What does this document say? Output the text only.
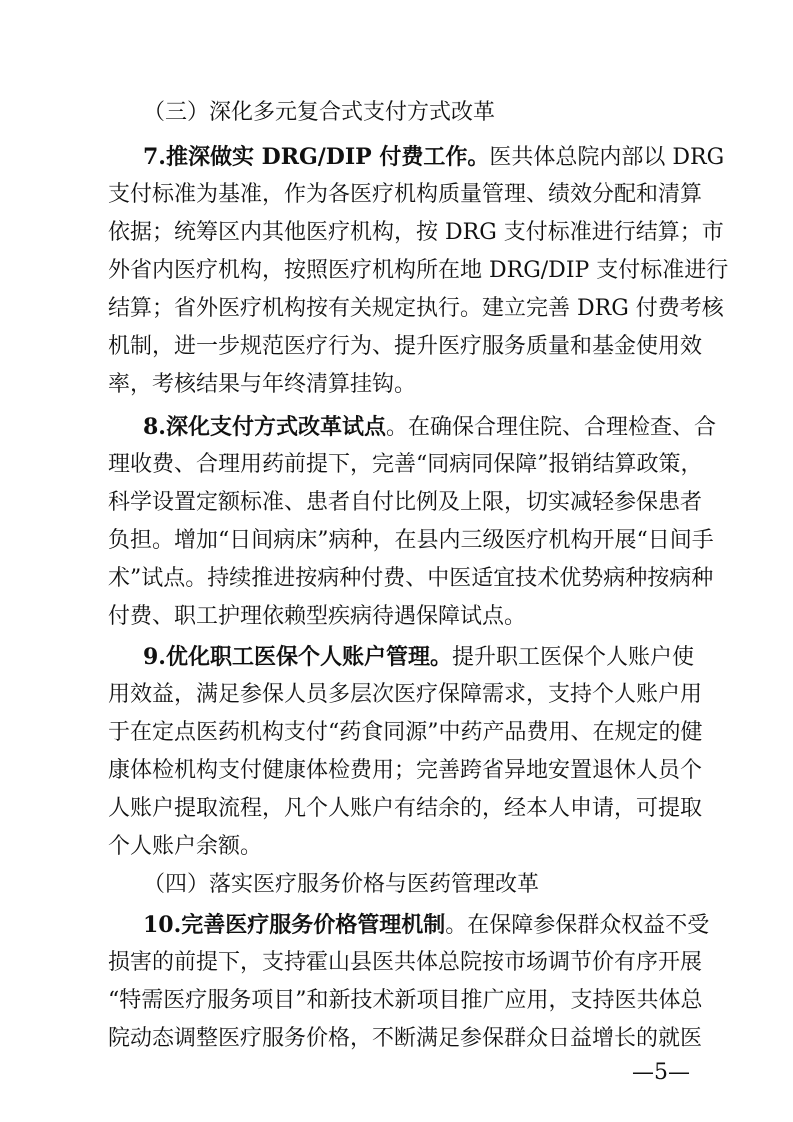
（三）深化多元复合式支付方式改革
7.推深做实 DRG/DIP 付费工作。医共体总院内部以 DRG
支付标准为基准，作为各医疗机构质量管理、绩效分配和清算
依据；统筹区内其他医疗机构，按 DRG 支付标准进行结算；市
外省内医疗机构，按照医疗机构所在地 DRG/DIP 支付标准进行
结算；省外医疗机构按有关规定执行。建立完善 DRG 付费考核
机制，进一步规范医疗行为、提升医疗服务质量和基金使用效
率，考核结果与年终清算挂钩。
8.深化支付方式改革试点。在确保合理住院、合理检查、合
理收费、合理用药前提下，完善“同病同保障”报销结算政策，
科学设置定额标准、患者自付比例及上限，切实减轻参保患者
负担。增加“日间病床”病种，在县内三级医疗机构开展“日间手
术”试点。持续推进按病种付费、中医适宜技术优势病种按病种
付费、职工护理依赖型疾病待遇保障试点。
9.优化职工医保个人账户管理。提升职工医保个人账户使
用效益，满足参保人员多层次医疗保障需求，支持个人账户用
于在定点医药机构支付“药食同源”中药产品费用、在规定的健
康体检机构支付健康体检费用；完善跨省异地安置退休人员个
人账户提取流程，凡个人账户有结余的，经本人申请，可提取
个人账户余额。
（四）落实医疗服务价格与医药管理改革
10.完善医疗服务价格管理机制。在保障参保群众权益不受
损害的前提下，支持霍山县医共体总院按市场调节价有序开展
“特需医疗服务项目”和新技术新项目推广应用，支持医共体总
院动态调整医疗服务价格，不断满足参保群众日益增长的就医
—5—
